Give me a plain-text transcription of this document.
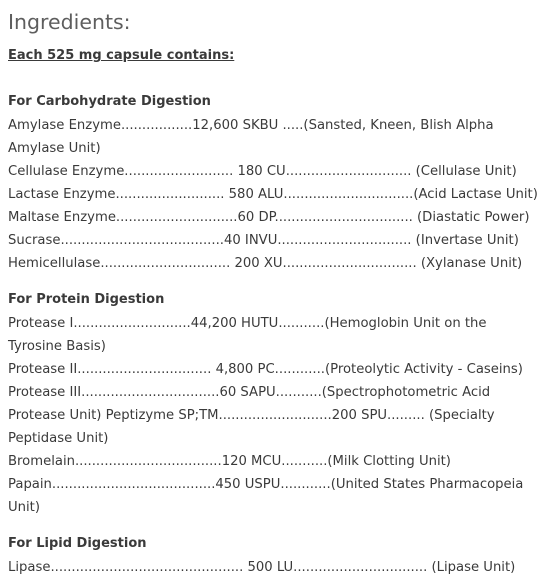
Ingredients:

Each 525 mg capsule contains:

For Carbohydrate Digestion

Amylase Enzyme.................12,600 SKBU .....(Sansted, Kneen, Blish Alpha

Amylase Unit)

Cellulase Enzyme.......................... 180 CU.............................. (Cellulase Unit)

Lactase Enzyme.......................... 580 ALU...............................(Acid Lactase Unit)

Maltase Enzyme.............................60 DP................................. (Diastatic Power)

Sucrase.......................................40 INVU................................ (Invertase Unit)

Hemicellulase............................... 200 XU................................ (Xylanase Unit)

For Protein Digestion

Protease I............................44,200 HUTU...........(Hemoglobin Unit on the

Tyrosine Basis)

Protease II................................ 4,800 PC............(Proteolytic Activity - Caseins)

Protease III.................................60 SAPU...........(Spectrophotometric Acid

Protease Unit) Peptizyme SP;TM...........................200 SPU......... (Specialty

Peptidase Unit)

Bromelain...................................120 MCU...........(Milk Clotting Unit)

Papain.......................................450 USPU............(United States Pharmacopeia

Unit)

For Lipid Digestion

Lipase.............................................. 500 LU................................ (Lipase Unit)
